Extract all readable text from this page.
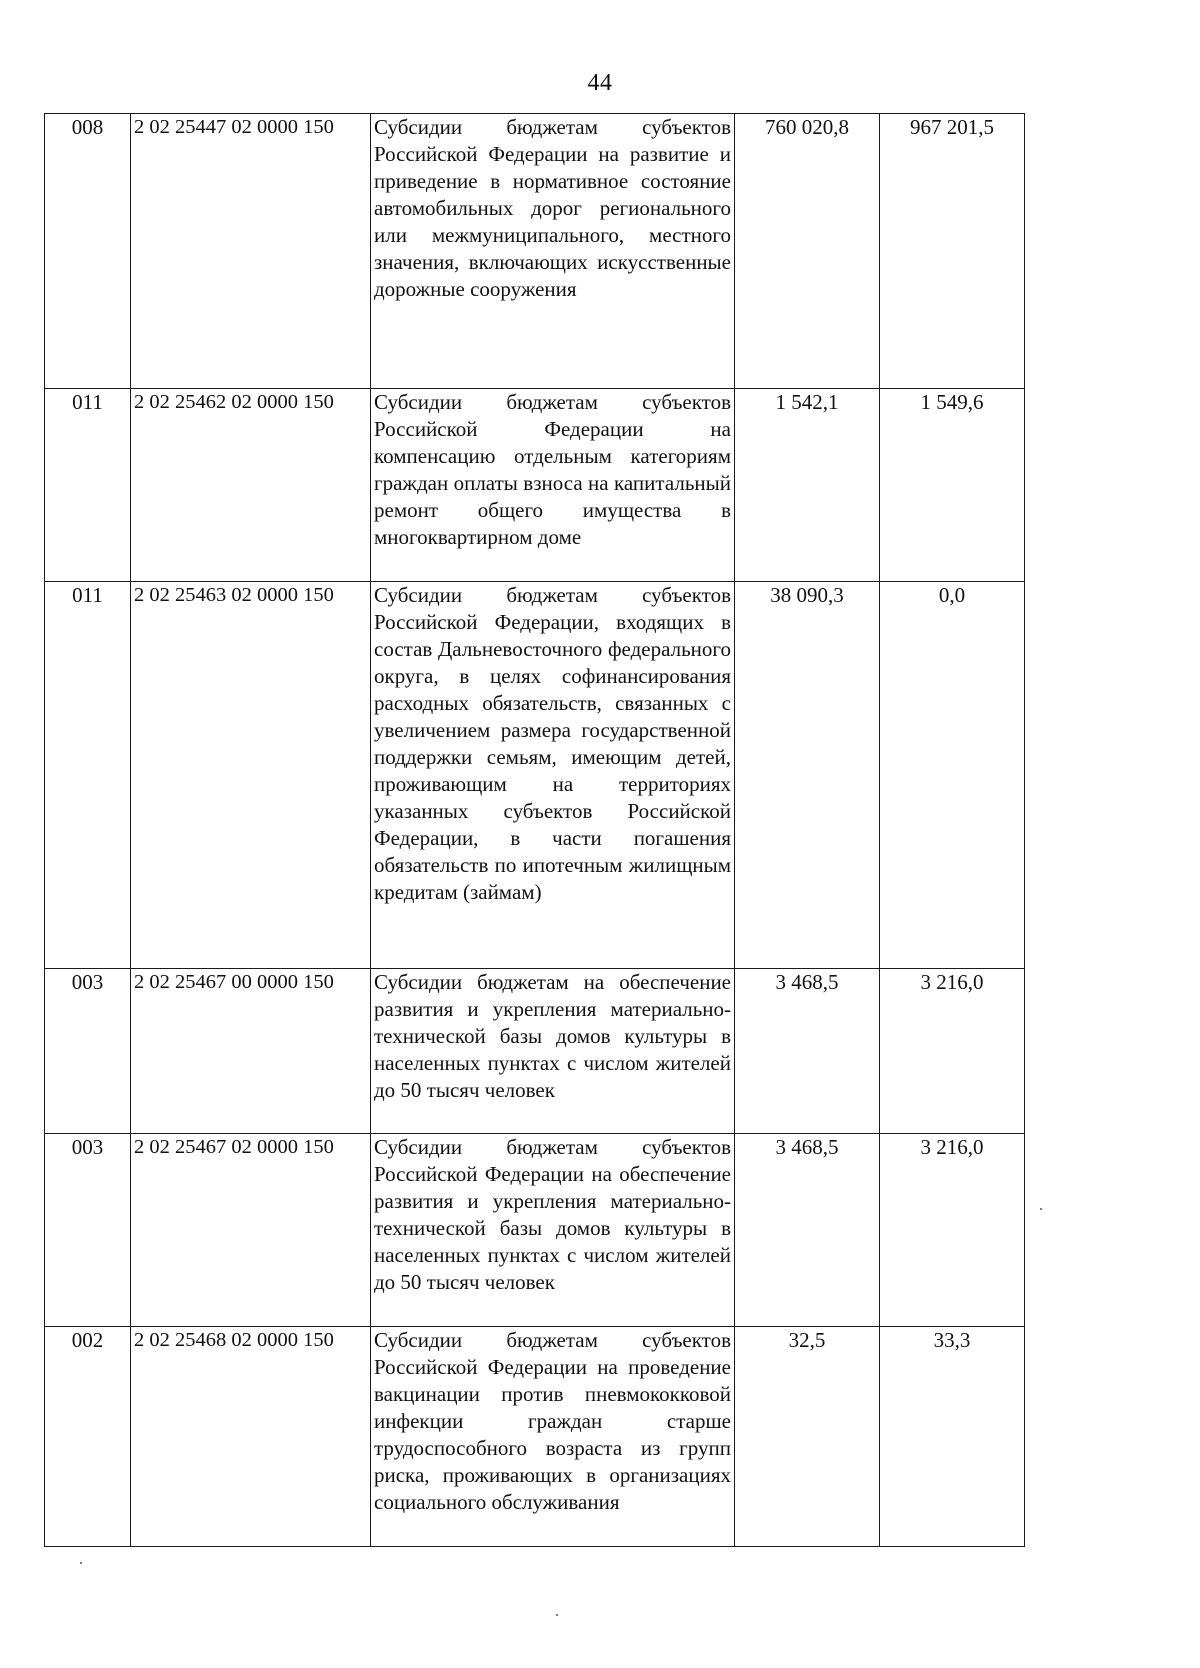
44
008	2 02 25447 02 0000 150	Субсидии бюджетам субъектов Российской Федерации на развитие и приведение в нормативное состояние автомобильных дорог регионального или межмуниципального, местного значения, включающих искусственные дорожные сооружения	760 020,8	967 201,5
011	2 02 25462 02 0000 150	Субсидии бюджетам субъектов Российской Федерации на компенсацию отдельным категориям граждан оплаты взноса на капитальный ремонт общего имущества в многоквартирном доме	1 542,1	1 549,6
011	2 02 25463 02 0000 150	Субсидии бюджетам субъектов Российской Федерации, входящих в состав Дальневосточного федерального округа, в целях софинансирования расходных обязательств, связанных с увеличением размера государственной поддержки семьям, имеющим детей, проживающим на территориях указанных субъектов Российской Федерации, в части погашения обязательств по ипотечным жилищным кредитам (займам)	38 090,3	0,0
003	2 02 25467 00 0000 150	Субсидии бюджетам на обеспечение развития и укрепления материально-технической базы домов культуры в населенных пунктах с числом жителей до 50 тысяч человек	3 468,5	3 216,0
003	2 02 25467 02 0000 150	Субсидии бюджетам субъектов Российской Федерации на обеспечение развития и укрепления материально-технической базы домов культуры в населенных пунктах с числом жителей до 50 тысяч человек	3 468,5	3 216,0
002	2 02 25468 02 0000 150	Субсидии бюджетам субъектов Российской Федерации на проведение вакцинации против пневмококковой инфекции граждан старше трудоспособного возраста из групп риска, проживающих в организациях социального обслуживания	32,5	33,3
